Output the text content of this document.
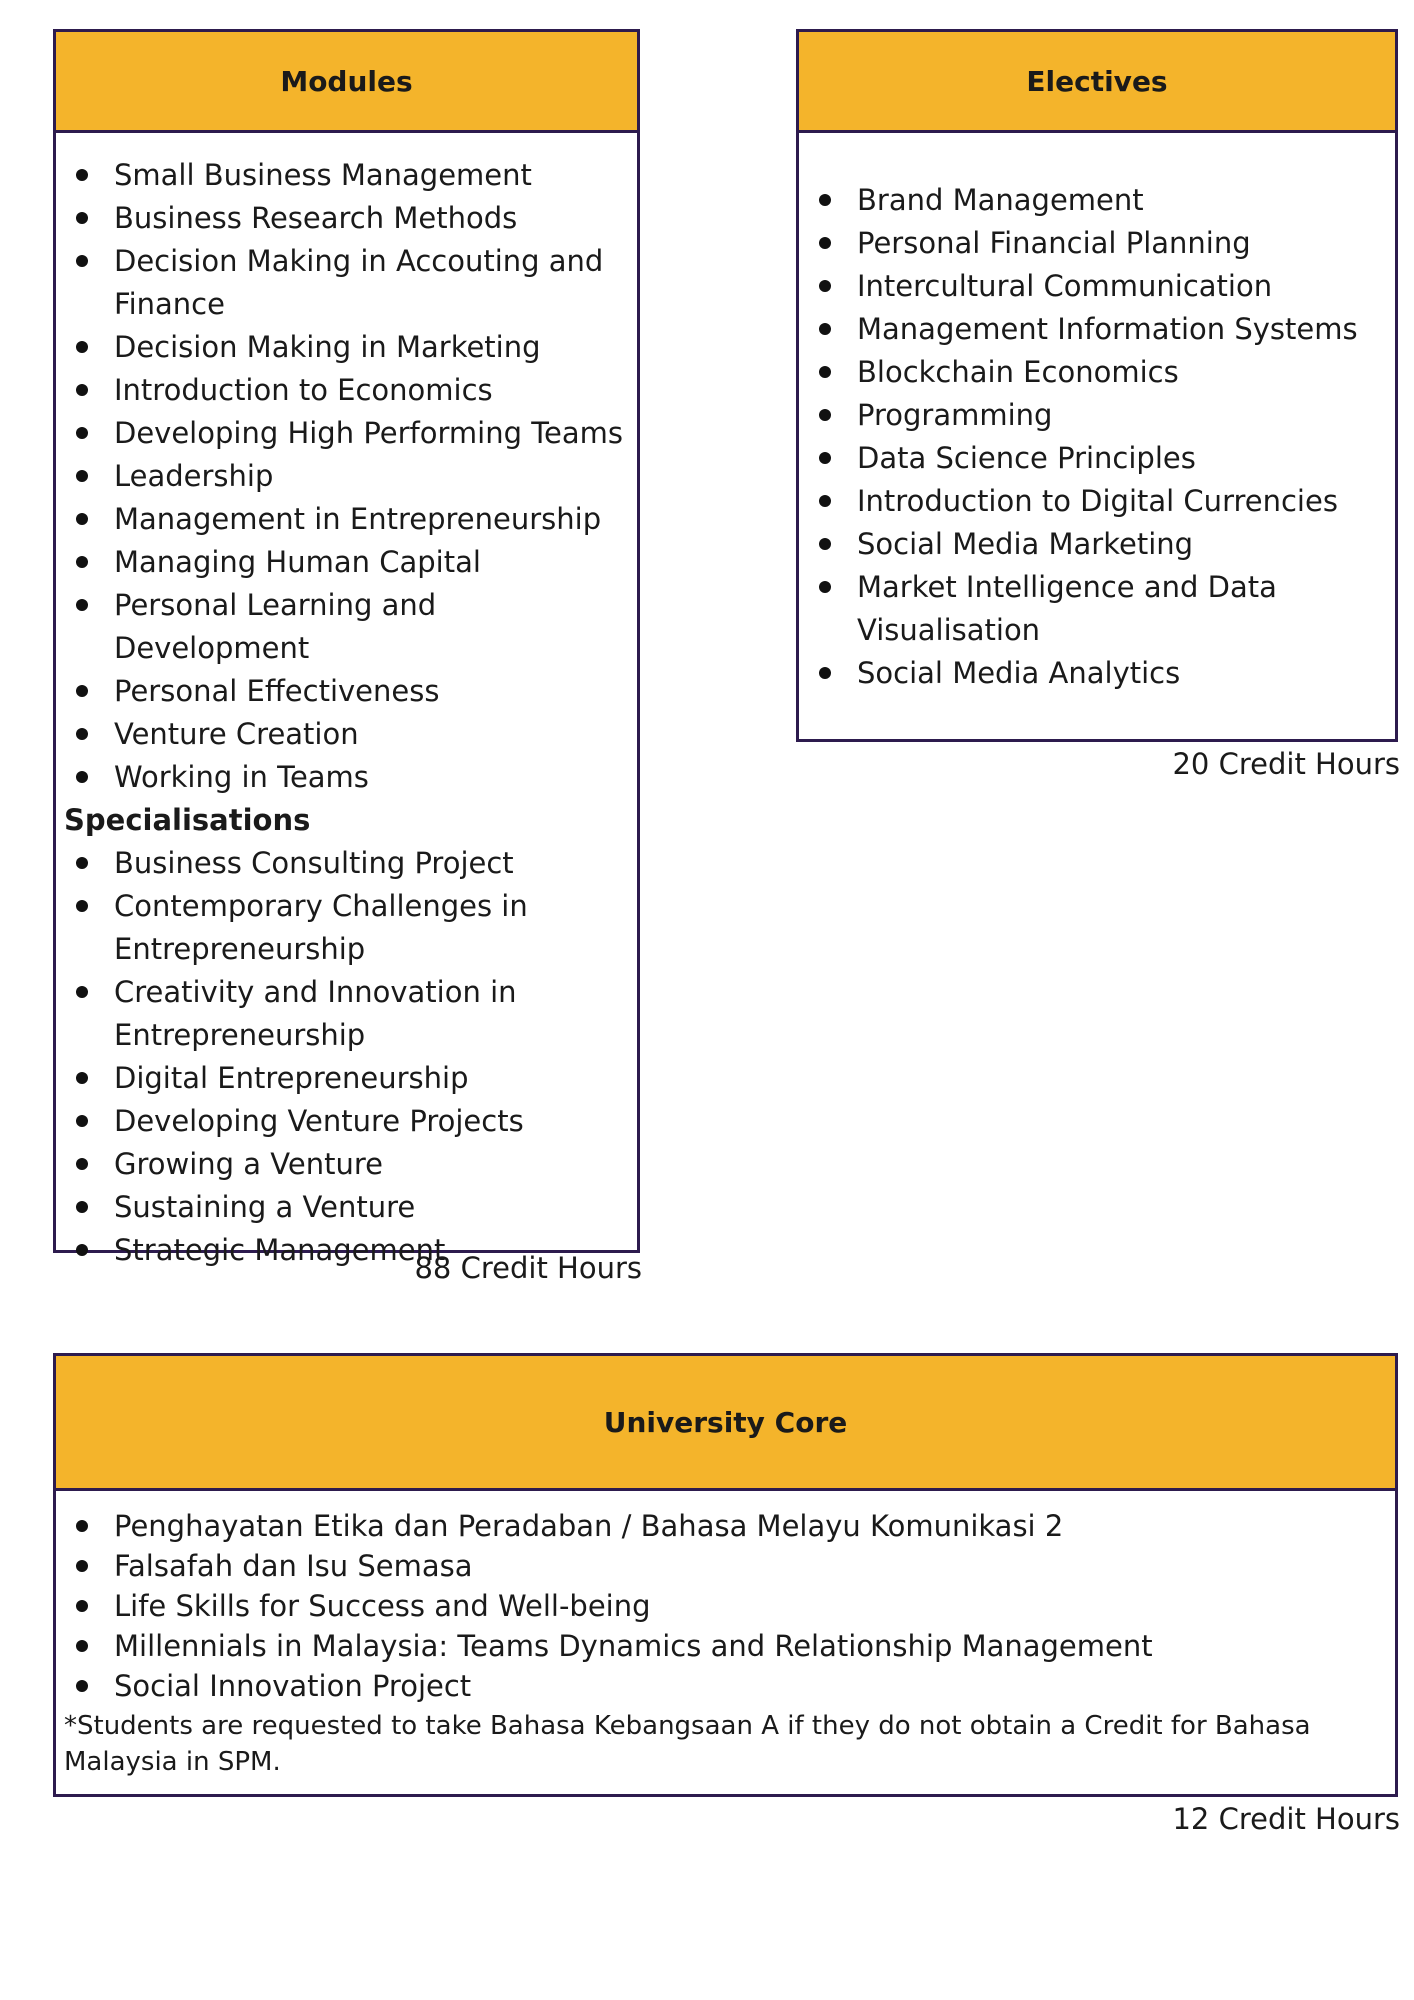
Modules
Small Business Management
Business Research Methods
Decision Making in Accouting and Finance
Decision Making in Marketing
Introduction to Economics
Developing High Performing Teams
Leadership
Management in Entrepreneurship
Managing Human Capital
Personal Learning and Development
Personal Effectiveness
Venture Creation
Working in Teams
Specialisations
Business Consulting Project
Contemporary Challenges in Entrepreneurship
Creativity and Innovation in Entrepreneurship
Digital Entrepreneurship
Developing Venture Projects
Growing a Venture
Sustaining a Venture
Strategic Management
88 Credit Hours
Electives
Brand Management
Personal Financial Planning
Intercultural Communication
Management Information Systems
Blockchain Economics
Programming
Data Science Principles
Introduction to Digital Currencies
Social Media Marketing
Market Intelligence and Data Visualisation
Social Media Analytics
20 Credit Hours
University Core
Penghayatan Etika dan Peradaban / Bahasa Melayu Komunikasi 2
Falsafah dan Isu Semasa
Life Skills for Success and Well-being
Millennials in Malaysia: Teams Dynamics and Relationship Management
Social Innovation Project
*Students are requested to take Bahasa Kebangsaan A if they do not obtain a Credit for Bahasa Malaysia in SPM.
12 Credit Hours
